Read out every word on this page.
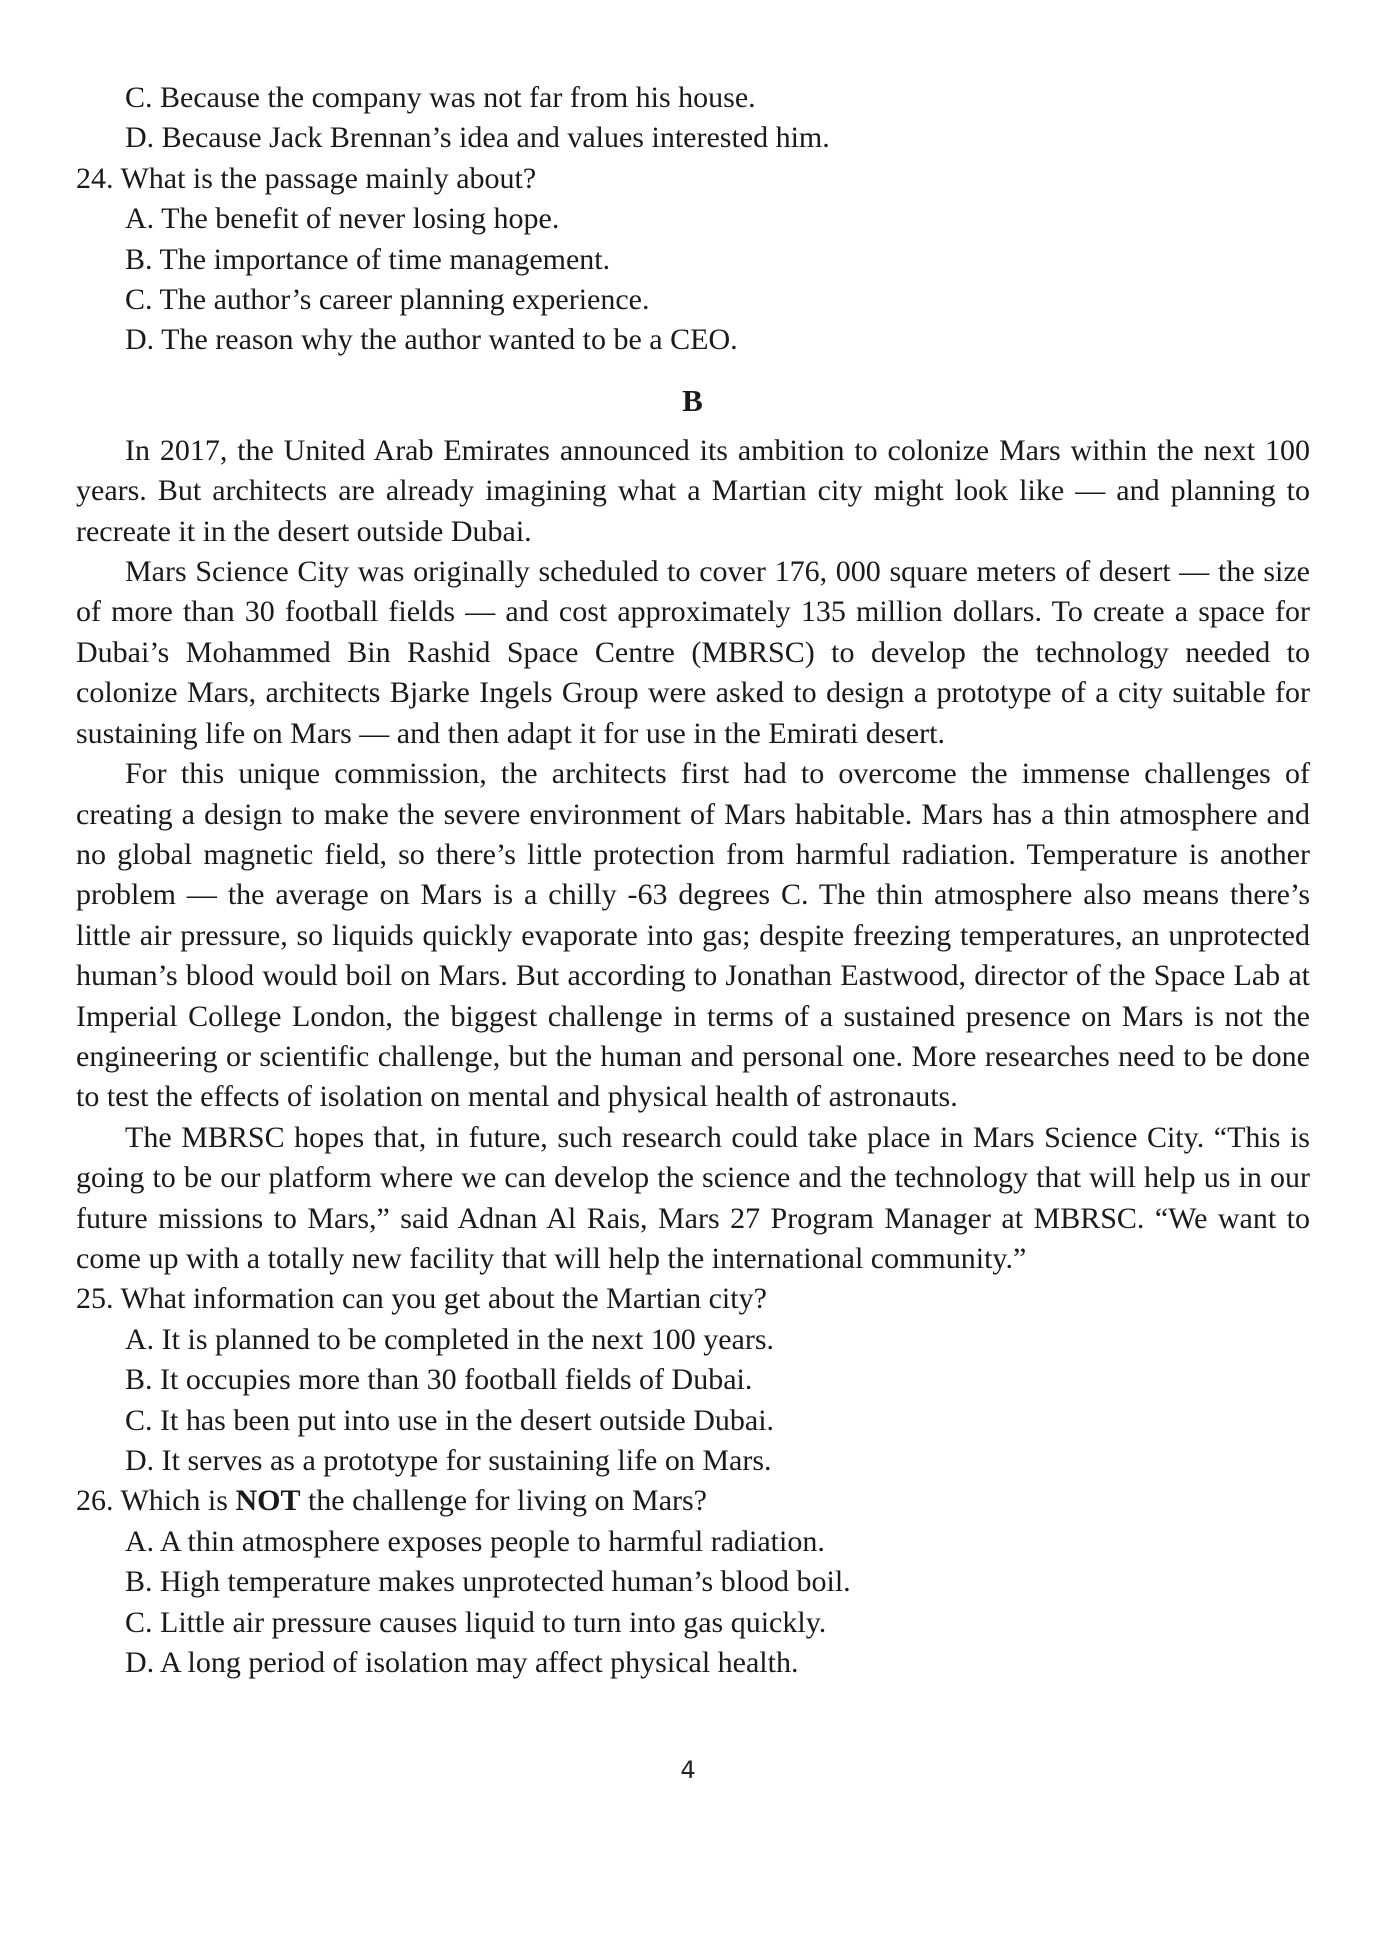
C. Because the company was not far from his house.
D. Because Jack Brennan’s idea and values interested him.
24. What is the passage mainly about?
A. The benefit of never losing hope.
B. The importance of time management.
C. The author’s career planning experience.
D. The reason why the author wanted to be a CEO.
B

In 2017, the United Arab Emirates announced its ambition to colonize Mars within the next 100 years. But architects are already imagining what a Martian city might look like — and planning to recreate it in the desert outside Dubai.

Mars Science City was originally scheduled to cover 176, 000 square meters of desert — the size of more than 30 football fields — and cost approximately 135 million dollars. To create a space for Dubai’s Mohammed Bin Rashid Space Centre (MBRSC) to develop the technology needed to colonize Mars, architects Bjarke Ingels Group were asked to design a prototype of a city suitable for sustaining life on Mars — and then adapt it for use in the Emirati desert.

For this unique commission, the architects first had to overcome the immense challenges of creating a design to make the severe environment of Mars habitable. Mars has a thin atmosphere and no global magnetic field, so there’s little protection from harmful radiation. Temperature is another problem — the average on Mars is a chilly -63 degrees C. The thin atmosphere also means there’s little air pressure, so liquids quickly evaporate into gas; despite freezing temperatures, an unprotected human’s blood would boil on Mars. But according to Jonathan Eastwood, director of the Space Lab at Imperial College London, the biggest challenge in terms of a sustained presence on Mars is not the engineering or scientific challenge, but the human and personal one. More researches need to be done to test the effects of isolation on mental and physical health of astronauts.

The MBRSC hopes that, in future, such research could take place in Mars Science City. “This is going to be our platform where we can develop the science and the technology that will help us in our future missions to Mars,” said Adnan Al Rais, Mars 27 Program Manager at MBRSC. “We want to come up with a totally new facility that will help the international community.”

25. What information can you get about the Martian city?
A. It is planned to be completed in the next 100 years.
B. It occupies more than 30 football fields of Dubai.
C. It has been put into use in the desert outside Dubai.
D. It serves as a prototype for sustaining life on Mars.
26. Which is NOT the challenge for living on Mars?
A. A thin atmosphere exposes people to harmful radiation.
B. High temperature makes unprotected human’s blood boil.
C. Little air pressure causes liquid to turn into gas quickly.
D. A long period of isolation may affect physical health.
4
